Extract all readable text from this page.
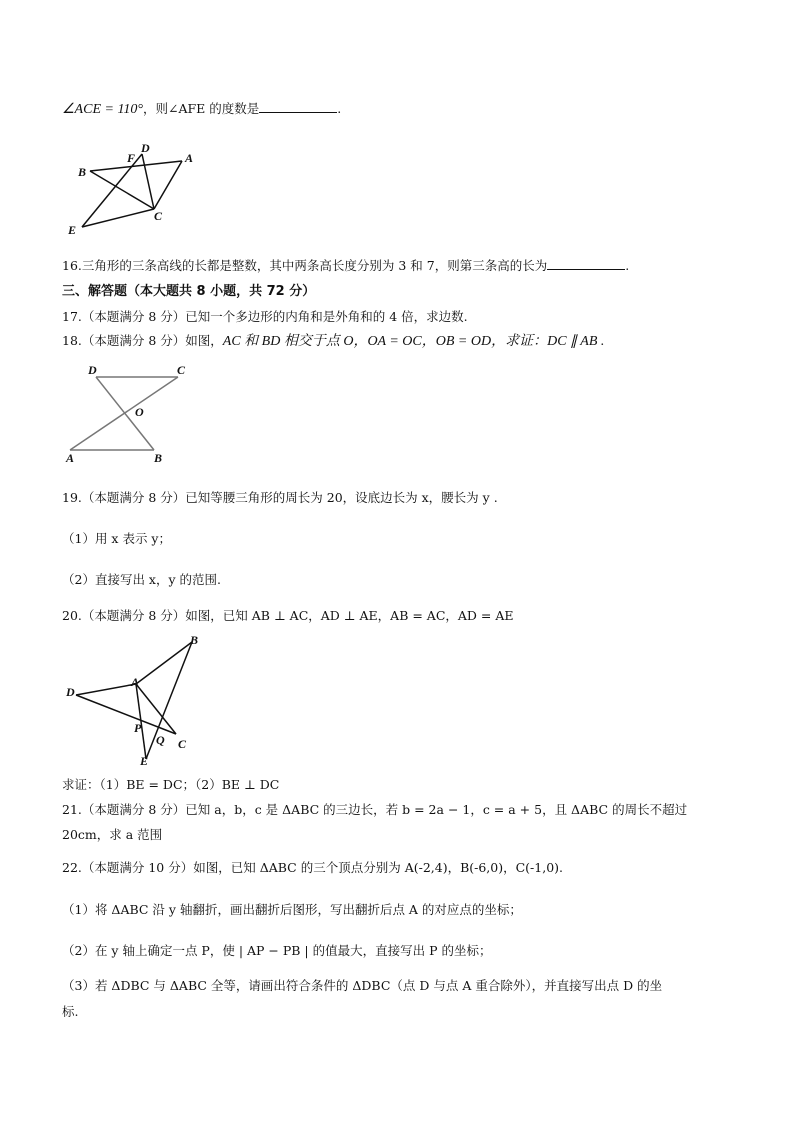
∠ACE = 110°，则∠AFE 的度数是	.
B
F
D
A
E
C
16.三角形的三条高线的长都是整数，其中两条高长度分别为 3 和 7，则第三条高的长为	.
三、解答题（本大题共 8 小题，共 72 分）
17.（本题满分 8 分）已知一个多边形的内角和是外角和的 4 倍，求边数.
18.（本题满分 8 分）如图，AC 和 BD 相交于点 O，OA = OC，OB = OD，求证：DC ∥ AB .
D	C
O
A	B
19.（本题满分 8 分）已知等腰三角形的周长为 20，设底边长为 x，腰长为 y .
（1）用 x 表示 y；
（2）直接写出 x，y 的范围.
20.（本题满分 8 分）如图，已知 AB ⊥ AC，AD ⊥ AE，AB = AC，AD = AE
B
D
A
P
Q C
E
求证：（1）BE = DC；（2）BE ⊥ DC
21.（本题满分 8 分）已知 a，b，c 是 ΔABC 的三边长，若 b = 2a − 1，c = a + 5，且 ΔABC 的周长不超过
20cm，求 a 范围
22.（本题满分 10 分）如图，已知 ΔABC 的三个顶点分别为 A(-2,4)，B(-6,0)，C(-1,0).
（1）将 ΔABC 沿 y 轴翻折，画出翻折后图形，写出翻折后点 A 的对应点的坐标；
（2）在 y 轴上确定一点 P，使 | AP − PB | 的值最大，直接写出 P 的坐标；
（3）若 ΔDBC 与 ΔABC 全等，请画出符合条件的 ΔDBC（点 D 与点 A 重合除外），并直接写出点 D 的坐
标.
